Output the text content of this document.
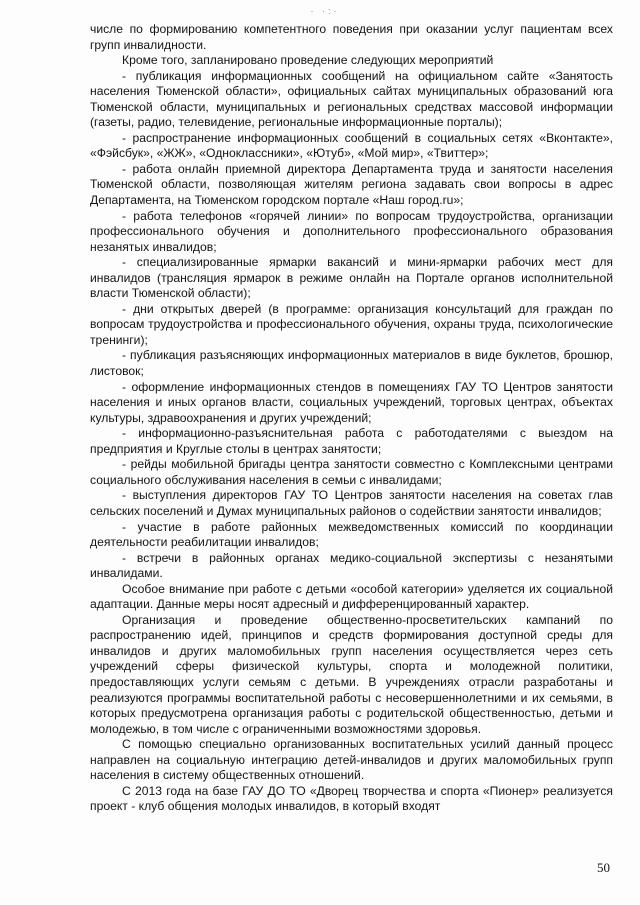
· ·:·

числе по формированию компетентного поведения при оказании услуг пациентам всех групп инвалидности.

Кроме того, запланировано проведение следующих мероприятий

- публикация информационных сообщений на официальном сайте «Занятость населения Тюменской области», официальных сайтах муниципальных образований юга Тюменской области, муниципальных и региональных средствах массовой информации (газеты, радио, телевидение, региональные информационные порталы);

- распространение информационных сообщений в социальных сетях «Вконтакте», «Фэйсбук», «ЖЖ», «Одноклассники», «Ютуб», «Мой мир», «Твиттер»;

- работа онлайн приемной директора Департамента труда и занятости населения Тюменской области, позволяющая жителям региона задавать свои вопросы в адрес Департамента, на Тюменском городском портале «Наш город.ru»;

- работа телефонов «горячей линии» по вопросам трудоустройства, организации профессионального обучения и дополнительного профессионального образования незанятых инвалидов;

- специализированные ярмарки вакансий и мини-ярмарки рабочих мест для инвалидов (трансляция ярмарок в режиме онлайн на Портале органов исполнительной власти Тюменской области);

- дни открытых дверей (в программе: организация консультаций для граждан по вопросам трудоустройства и профессионального обучения, охраны труда, психологические тренинги);

- публикация разъясняющих информационных материалов в виде буклетов, брошюр, листовок;

- оформление информационных стендов в помещениях ГАУ ТО Центров занятости населения и иных органов власти, социальных учреждений, торговых центрах, объектах культуры, здравоохранения и других учреждений;

- информационно-разъяснительная работа с работодателями с выездом на предприятия и Круглые столы в центрах занятости;

- рейды мобильной бригады центра занятости совместно с Комплексными центрами социального обслуживания населения в семьи с инвалидами;

- выступления директоров ГАУ ТО Центров занятости населения на советах глав сельских поселений и Думах муниципальных районов о содействии занятости инвалидов;

- участие в работе районных межведомственных комиссий по координации деятельности реабилитации инвалидов;

- встречи в районных органах медико-социальной экспертизы с незанятыми инвалидами.

Особое внимание при работе с детьми «особой категории» уделяется их социальной адаптации. Данные меры носят адресный и дифференцированный характер.

Организация и проведение общественно-просветительских кампаний по распространению идей, принципов и средств формирования доступной среды для инвалидов и других маломобильных групп населения осуществляется через сеть учреждений сферы физической культуры, спорта и молодежной политики, предоставляющих услуги семьям с детьми. В учреждениях отрасли разработаны и реализуются программы воспитательной работы с несовершеннолетними и их семьями, в которых предусмотрена организация работы с родительской общественностью, детьми и молодежью, в том числе с ограниченными возможностями здоровья.

С помощью специально организованных воспитательных усилий данный процесс направлен на социальную интеграцию детей-инвалидов и других маломобильных групп населения в систему общественных отношений.

С 2013 года на базе ГАУ ДО ТО «Дворец творчества и спорта «Пионер» реализуется проект - клуб общения молодых инвалидов, в который входят

50
